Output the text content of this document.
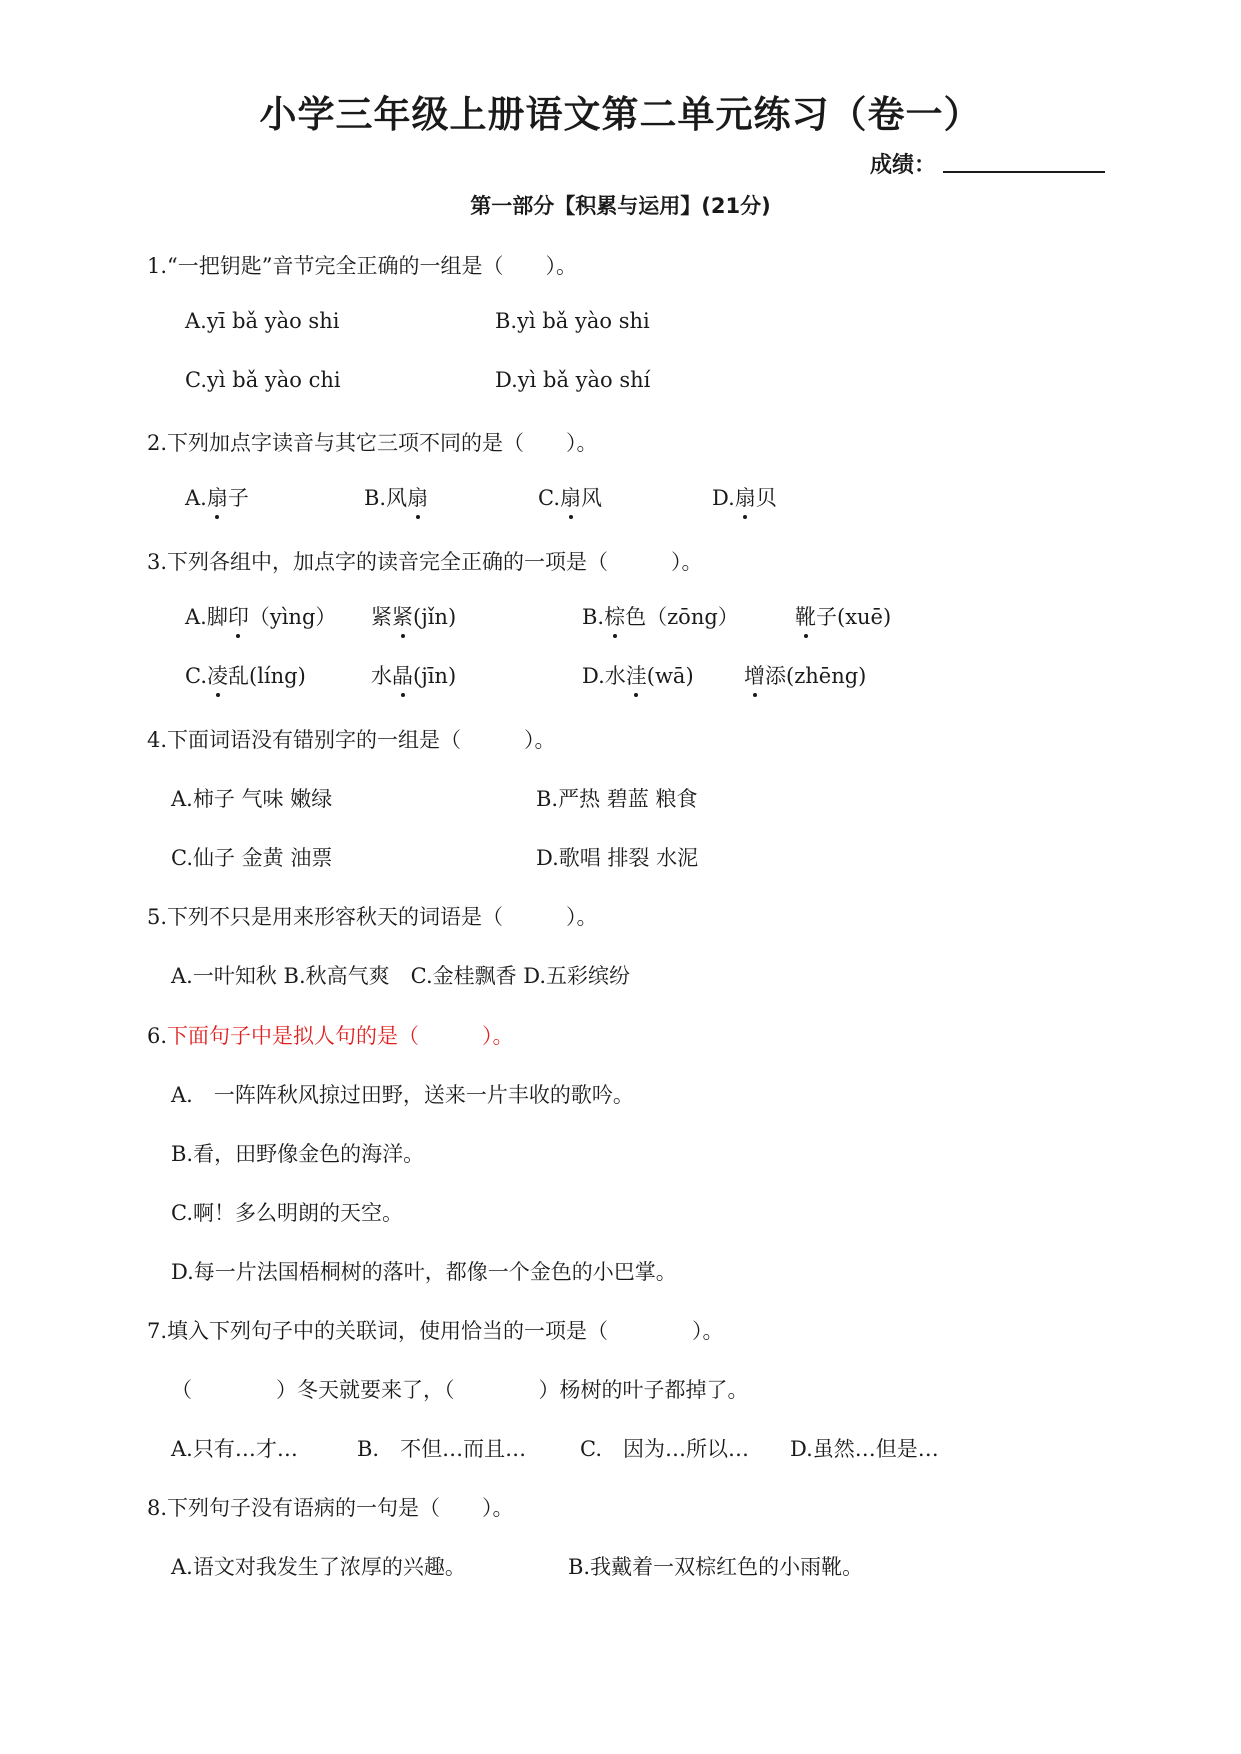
小学三年级上册语文第二单元练习（卷一）
成绩：
第一部分【积累与运用】(21分)
1.“一把钥匙”音节完全正确的一组是（　　）。
A.yī bǎ yào shi	B.yì bǎ yào shi
C.yì bǎ yào chi	D.yì bǎ yào shí
2.下列加点字读音与其它三项不同的是（　　）。
A.扇子	B.风扇	C.扇风	D.扇贝
3.下列各组中，加点字的读音完全正确的一项是（　　　）。
A.脚印（yìng） 紧紧(jǐn)	B.棕色（zōng）	靴子(xuē)
C.凌乱(líng)	水晶(jīn)	D.水洼(wā) 增添(zhēng)
4.下面词语没有错别字的一组是（　　　）。
A.柿子 气味 嫩绿	B.严热 碧蓝 粮食
C.仙子 金黄 油票	D.歌唱 排裂 水泥
5.下列不只是用来形容秋天的词语是（　　　）。
A.一叶知秋 B.秋高气爽　C.金桂飘香 D.五彩缤纷
6.下面句子中是拟人句的是（　　　）。
A.　一阵阵秋风掠过田野，送来一片丰收的歌吟。
B.看，田野像金色的海洋。
C.啊！多么明朗的天空。
D.每一片法国梧桐树的落叶，都像一个金色的小巴掌。
7.填入下列句子中的关联词，使用恰当的一项是（　　　　）。
（　　　　）冬天就要来了，（　　　　）杨树的叶子都掉了。
A.只有…才…	B.　不但…而且…	C.　因为…所以… D.虽然…但是…
8.下列句子没有语病的一句是（　　）。
A.语文对我发生了浓厚的兴趣。	B.我戴着一双棕红色的小雨靴。
